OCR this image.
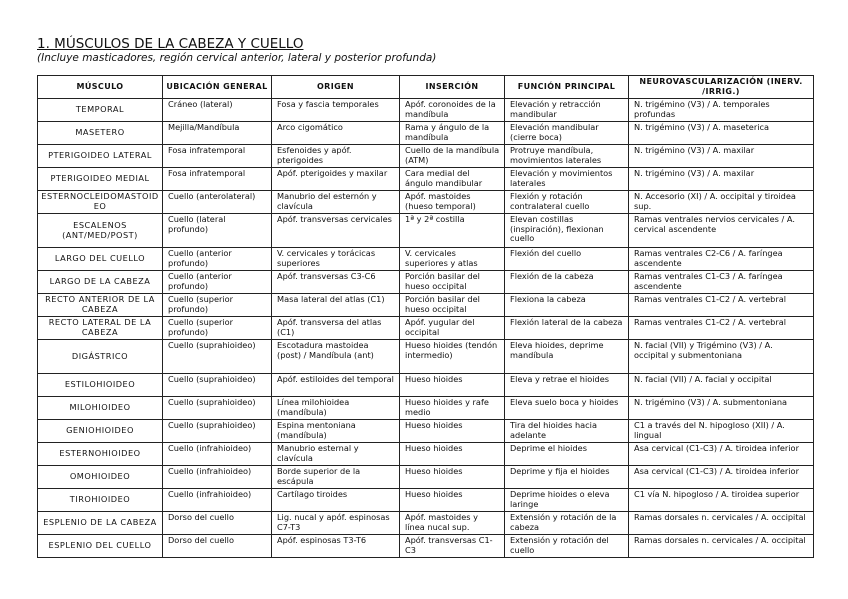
1. MÚSCULOS DE LA CABEZA Y CUELLO

(Incluye masticadores, región cervical anterior, lateral y posterior profunda)

MÚSCULO	UBICACIÓN GENERAL	ORIGEN	INSERCIÓN	FUNCIÓN PRINCIPAL	NEUROVASCULARIZACIÓN (INERV. /IRRIG.)
TEMPORAL	Cráneo (lateral)	Fosa y fascia temporales	Apóf. coronoides de la mandíbula	Elevación y retracción mandibular	N. trigémino (V3) / A. temporales profundas
MASETERO	Mejilla/Mandíbula	Arco cigomático	Rama y ángulo de la mandíbula	Elevación mandibular (cierre boca)	N. trigémino (V3) / A. maseterica
PTERIGOIDEO LATERAL	Fosa infratemporal	Esfenoides y apóf. pterigoides	Cuello de la mandíbula (ATM)	Protruye mandíbula, movimientos laterales	N. trigémino (V3) / A. maxilar
PTERIGOIDEO MEDIAL	Fosa infratemporal	Apóf. pterigoides y maxilar	Cara medial del ángulo mandibular	Elevación y movimientos laterales	N. trigémino (V3) / A. maxilar
ESTERNOCLEIDOMASTOIDEO	Cuello (anterolateral)	Manubrio del esternón y clavícula	Apóf. mastoides (hueso temporal)	Flexión y rotación contralateral cuello	N. Accesorio (XI) / A. occipital y tiroidea sup.
ESCALENOS (ANT/MED/POST)	Cuello (lateral profundo)	Apóf. transversas cervicales	1ª y 2ª costilla	Elevan costillas (inspiración), flexionan cuello	Ramas ventrales nervios cervicales / A. cervical ascendente
LARGO DEL CUELLO	Cuello (anterior profundo)	V. cervicales y torácicas superiores	V. cervicales superiores y atlas	Flexión del cuello	Ramas ventrales C2-C6 / A. faríngea ascendente
LARGO DE LA CABEZA	Cuello (anterior profundo)	Apóf. transversas C3-C6	Porción basilar del hueso occipital	Flexión de la cabeza	Ramas ventrales C1-C3 / A. faríngea ascendente
RECTO ANTERIOR DE LA CABEZA	Cuello (superior profundo)	Masa lateral del atlas (C1)	Porción basilar del hueso occipital	Flexiona la cabeza	Ramas ventrales C1-C2 / A. vertebral
RECTO LATERAL DE LA CABEZA	Cuello (superior profundo)	Apóf. transversa del atlas (C1)	Apóf. yugular del occipital	Flexión lateral de la cabeza	Ramas ventrales C1-C2 / A. vertebral
DIGÁSTRICO	Cuello (suprahioideo)	Escotadura mastoidea (post) / Mandíbula (ant)	Hueso hioides (tendón intermedio)	Eleva hioides, deprime mandíbula	N. facial (VII) y Trigémino (V3) / A. occipital y submentoniana
ESTILOHIOIDEO	Cuello (suprahioideo)	Apóf. estiloides del temporal	Hueso hioides	Eleva y retrae el hioides	N. facial (VII) / A. facial y occipital
MILOHIOIDEO	Cuello (suprahioideo)	Línea milohioidea (mandíbula)	Hueso hioides y rafe medio	Eleva suelo boca y hioides	N. trigémino (V3) / A. submentoniana
GENIOHIOIDEO	Cuello (suprahioideo)	Espina mentoniana (mandíbula)	Hueso hioides	Tira del hioides hacia adelante	C1 a través del N. hipogloso (XII) / A. lingual
ESTERNOHIOIDEO	Cuello (infrahioideo)	Manubrio esternal y clavícula	Hueso hioides	Deprime el hioides	Asa cervical (C1-C3) / A. tiroidea inferior
OMOHIOIDEO	Cuello (infrahioideo)	Borde superior de la escápula	Hueso hioides	Deprime y fija el hioides	Asa cervical (C1-C3) / A. tiroidea inferior
TIROHIOIDEO	Cuello (infrahioideo)	Cartílago tiroides	Hueso hioides	Deprime hioides o eleva laringe	C1 vía N. hipogloso / A. tiroidea superior
ESPLENIO DE LA CABEZA	Dorso del cuello	Lig. nucal y apóf. espinosas C7-T3	Apóf. mastoides y línea nucal sup.	Extensión y rotación de la cabeza	Ramas dorsales n. cervicales / A. occipital
ESPLENIO DEL CUELLO	Dorso del cuello	Apóf. espinosas T3-T6	Apóf. transversas C1-C3	Extensión y rotación del cuello	Ramas dorsales n. cervicales / A. occipital
